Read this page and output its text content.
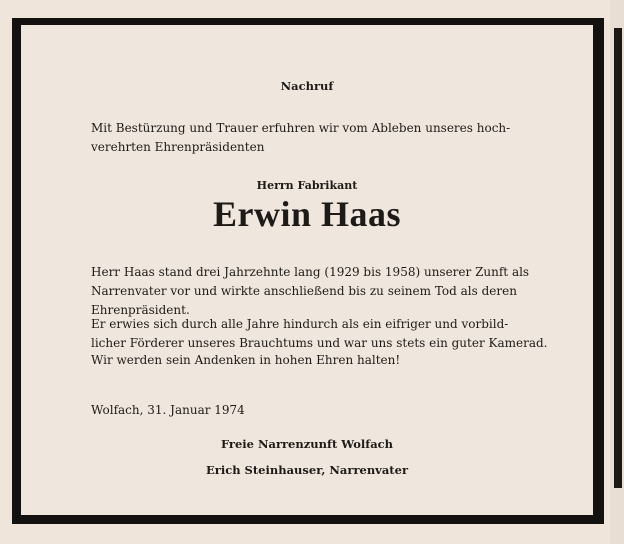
Nachruf

Mit Bestürzung und Trauer erfuhren wir vom Ableben unseres hoch-
verehrten Ehrenpräsidenten

Herrn Fabrikant
Erwin Haas

Herr Haas stand drei Jahrzehnte lang (1929 bis 1958) unserer Zunft als
Narrenvater vor und wirkte anschließend bis zu seinem Tod als deren
Ehrenpräsident.

Er erwies sich durch alle Jahre hindurch als ein eifriger und vorbild-
licher Förderer unseres Brauchtums und war uns stets ein guter Kamerad.

Wir werden sein Andenken in hohen Ehren halten!

Wolfach, 31. Januar 1974

Freie Narrenzunft Wolfach
Erich Steinhauser, Narrenvater
